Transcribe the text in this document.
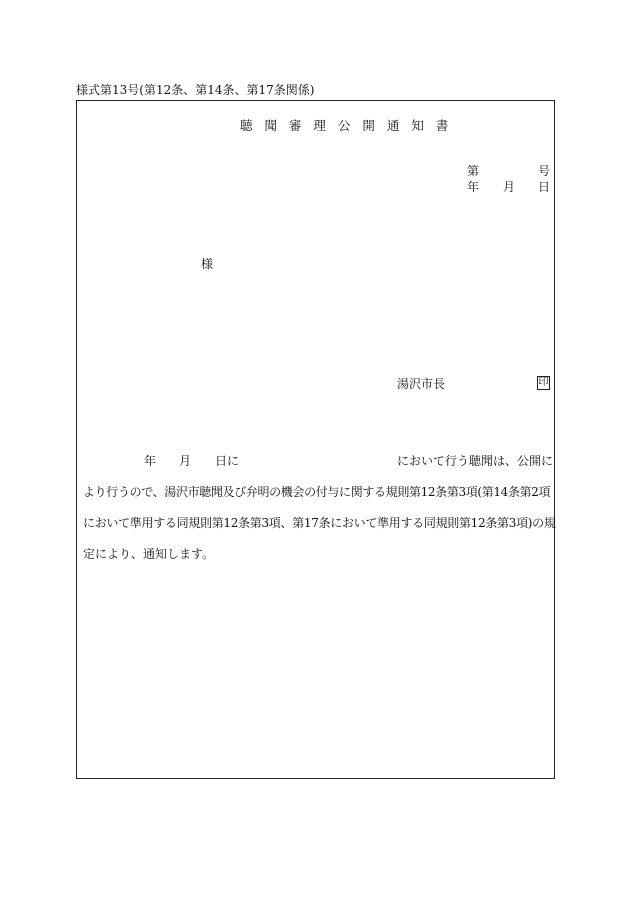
様式第13号(第12条、第14条、第17条関係)
聴 聞 審 理 公 開 通 知 書
第	号
年 月 日
様
湯沢市長	印
年 月 日に	において行う聴聞は、公開に
より行うので、湯沢市聴聞及び弁明の機会の付与に関する規則第12条第3項(第14条第2項
において準用する同規則第12条第3項、第17条において準用する同規則第12条第3項)の規
定により、通知します。
